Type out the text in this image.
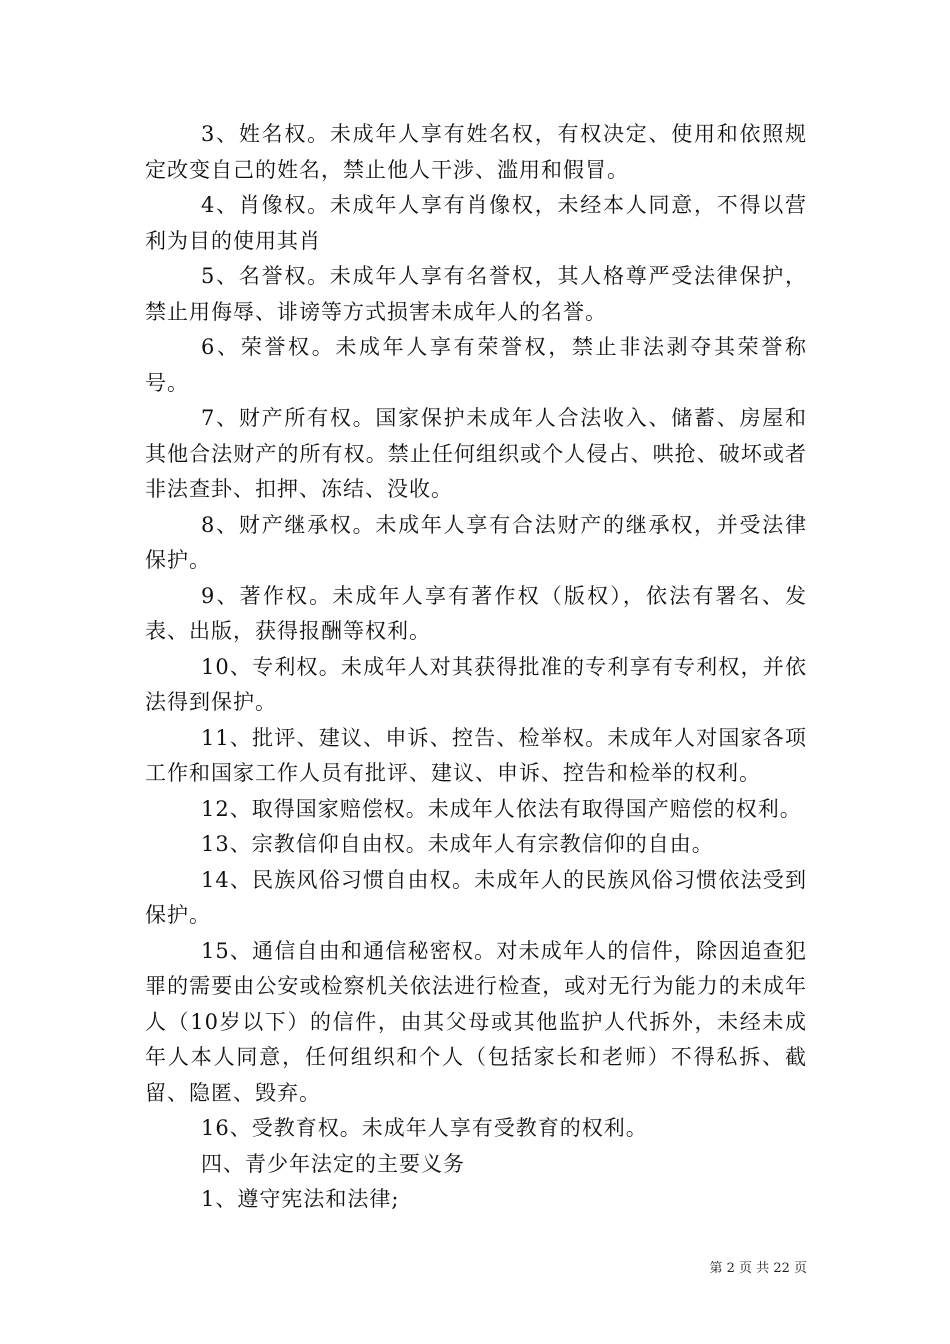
3、姓名权。未成年人享有姓名权，有权决定、使用和依照规定改变自己的姓名，禁止他人干涉、滥用和假冒。

4、肖像权。未成年人享有肖像权，未经本人同意，不得以营利为目的使用其肖

5、名誉权。未成年人享有名誉权，其人格尊严受法律保护，禁止用侮辱、诽谤等方式损害未成年人的名誉。

6、荣誉权。未成年人享有荣誉权，禁止非法剥夺其荣誉称号。

7、财产所有权。国家保护未成年人合法收入、储蓄、房屋和其他合法财产的所有权。禁止任何组织或个人侵占、哄抢、破坏或者非法查卦、扣押、冻结、没收。

8、财产继承权。未成年人享有合法财产的继承权，并受法律保护。

9、著作权。未成年人享有著作权（版权），依法有署名、发表、出版，获得报酬等权利。

10、专利权。未成年人对其获得批准的专利享有专利权，并依法得到保护。

11、批评、建议、申诉、控告、检举权。未成年人对国家各项工作和国家工作人员有批评、建议、申诉、控告和检举的权利。

12、取得国家赔偿权。未成年人依法有取得国产赔偿的权利。

13、宗教信仰自由权。未成年人有宗教信仰的自由。

14、民族风俗习惯自由权。未成年人的民族风俗习惯依法受到保护。

15、通信自由和通信秘密权。对未成年人的信件，除因追查犯罪的需要由公安或检察机关依法进行检查，或对无行为能力的未成年人（10岁以下）的信件，由其父母或其他监护人代拆外，未经未成年人本人同意，任何组织和个人（包括家长和老师）不得私拆、截留、隐匿、毁弃。

16、受教育权。未成年人享有受教育的权利。

四、青少年法定的主要义务

1、遵守宪法和法律;

第 2 页 共 22 页
